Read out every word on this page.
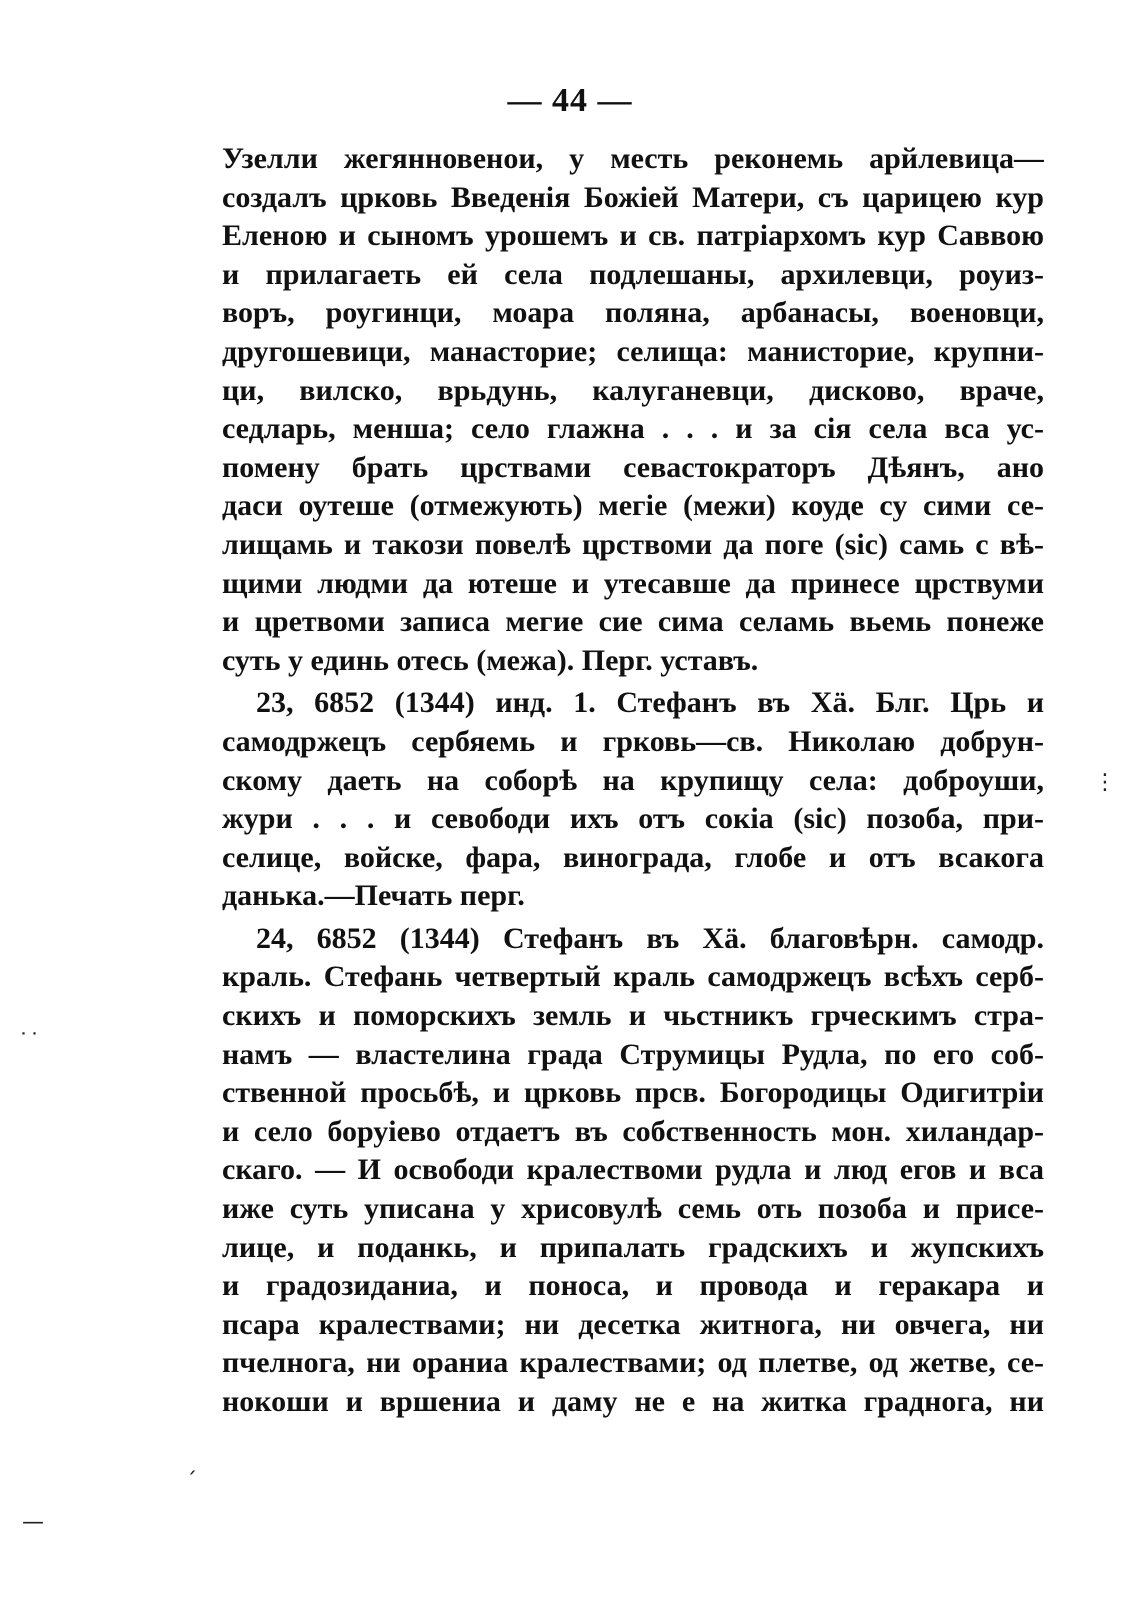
— 44 —
Узелли жегянновенои, у месть реконемь арйлевица—
создалъ црковь Введенія Божіей Матери, съ царицею кур
Еленою и сыномъ урошемъ и св. патріархомъ кур Саввою
и прилагаеть ей села подлешаны, архилевци, роуиз-
воръ, роугинци, моара полянa, арбанасы, военовци,
другошевици, манасторие; селища: манисторие, крупни-
ци, вилско, врьдунь, калуганевци, дисково, враче,
седларь, менша; село глажна . . . и за сія села вса ус-
помену брать црствами севастократоръ Дѣянъ, ано
даси оутеше (отмежують) мегіе (межи) коуде су сими се-
лищамь и такози повелѣ црствоми да поге (sic) самь с вѣ-
щими людми да ютеше и утесавше да принесе црствуми
и цретвоми записа мегие сие сима селамь вьемь понеже
суть у единь отесь (межа). Перг. уставъ.
23, 6852 (1344) инд. 1. Стефанъ въ Хä. Блг. Црь и
самодржецъ сербяемь и грковь—св. Николаю добрун-
скому даеть на соборѣ на крупищу села: доброуши,
жури . . . и севободи ихъ отъ сокіа (sic) позоба, при-
селице, войске, фара, винограда, глобе и отъ всакога
данька.—Печать перг.
24, 6852 (1344) Стефанъ въ Хä. благовѣрн. самодр.
краль. Стефань четвертый краль самодржецъ всѣхъ серб-
скихъ и поморскихъ земль и чьстникъ грческимъ стра-
намъ — властелина града Струмицы Рудла, по его соб-
ственной просьбѣ, и црковь прсв. Богородицы Одигитріи
и село боруіево отдаетъ въ собственность мон. хиландар-
скаго. — И освободи кралествоми рудла и люд егов и вса
иже суть уписана у хрисовулѣ семь оть позоба и присе-
лице, и поданкь, и припалать градскихъ и жупскихъ
и градозиданиа, и поноса, и провода и геракара и
псара кралествами; ни десетка житнога, ни овчега, ни
пчелнога, ни ораниа кралествами; од плетве, од жетве, се-
нокоши и вршениа и даму не е на житка градногa, ни
˙˙
ˏ
—
⋮
